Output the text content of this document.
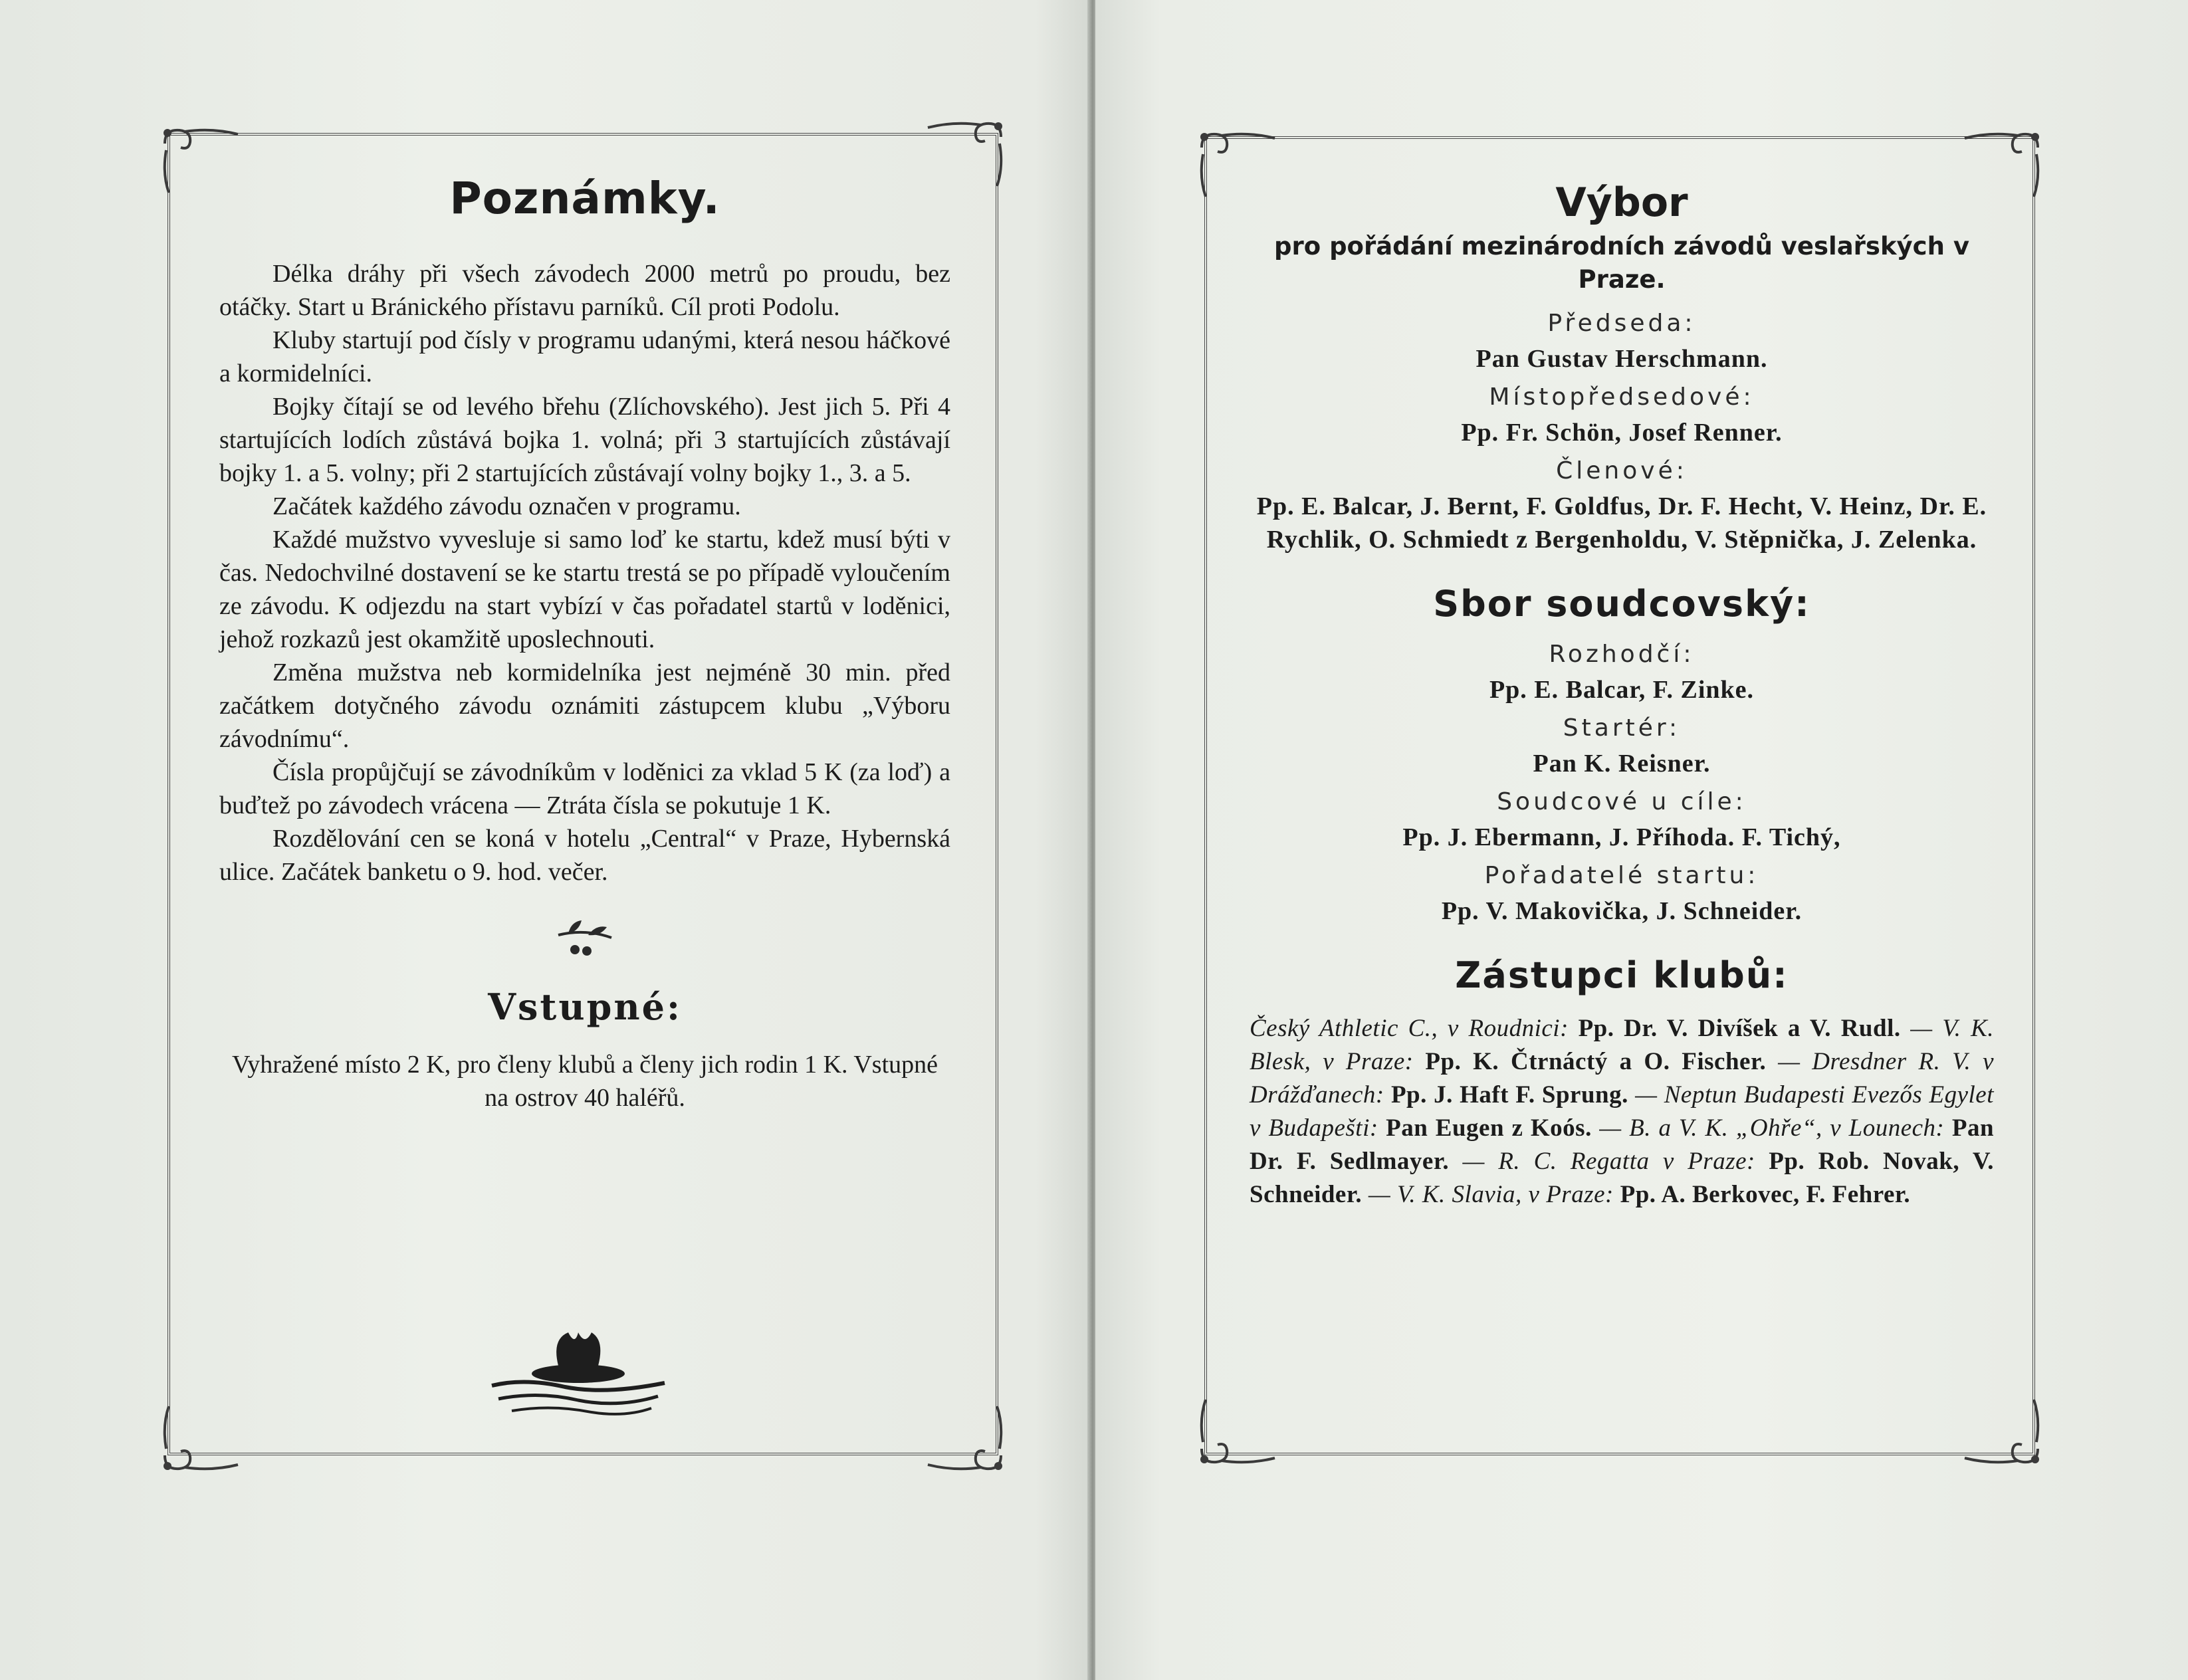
Poznámky.

Délka dráhy při všech závodech 2000 metrů po proudu, bez otáčky. Start u Bránického přístavu parníků. Cíl proti Podolu.

Kluby startují pod čísly v programu udanými, která nesou háčkové a kormidelníci.

Bojky čítají se od levého břehu (Zlíchovského). Jest jich 5. Při 4 startujících lodích zůstává bojka 1. volná; při 3 startujících zůstávají bojky 1. a 5. volny; při 2 startujících zůstávají volny bojky 1., 3. a 5.

Začátek každého závodu označen v programu.

Každé mužstvo vyvesluje si samo loď ke startu, kdež musí býti v čas. Nedochvilné dostavení se ke startu trestá se po případě vyloučením ze závodu. K odjezdu na start vybízí v čas pořadatel startů v loděnici, jehož rozkazů jest okamžitě uposlechnouti.

Změna mužstva neb kormidelníka jest nejméně 30 min. před začátkem dotyčného závodu oznámiti zástupcem klubu „Výboru závodnímu“.

Čísla propůjčují se závodníkům v loděnici za vklad 5 K (za loď) a buďtež po závodech vrácena — Ztráta čísla se pokutuje 1 K.

Rozdělování cen se koná v hotelu „Central“ v Praze, Hybernská ulice. Začátek banketu o 9. hod. večer.

Vstupné:

Vyhražené místo 2 K, pro členy klubů a členy jich rodin 1 K. Vstupné na ostrov 40 haléřů.

Výbor

pro pořádání mezinárodních závodů veslařských v Praze.

Předseda:

Pan Gustav Herschmann.

Místopředsedové:

Pp. Fr. Schön, Josef Renner.

Členové:

Pp. E. Balcar, J. Bernt, F. Goldfus, Dr. F. Hecht, V. Heinz, Dr. E. Rychlik, O. Schmiedt z Bergenholdu, V. Stěpnička, J. Zelenka.

Sbor soudcovský:

Rozhodčí:

Pp. E. Balcar, F. Zinke.

Startér:

Pan K. Reisner.

Soudcové u cíle:

Pp. J. Ebermann, J. Příhoda. F. Tichý,

Pořadatelé startu:

Pp. V. Makovička, J. Schneider.

Zástupci klubů:

Český Athletic C., v Roudnici: Pp. Dr. V. Divíšek a V. Rudl. — V. K. Blesk, v Praze: Pp. K. Čtrnáctý a O. Fischer. — Dresdner R. V. v Drážďanech: Pp. J. Haft F. Sprung. — Neptun Budapesti Evezős Egylet v Budapešti: Pan Eugen z Koós. — B. a V. K. „Ohře“, v Lounech: Pan Dr. F. Sedlmayer. — R. C. Regatta v Praze: Pp. Rob. Novak, V. Schneider. — V. K. Slavia, v Praze: Pp. A. Berkovec, F. Fehrer.
